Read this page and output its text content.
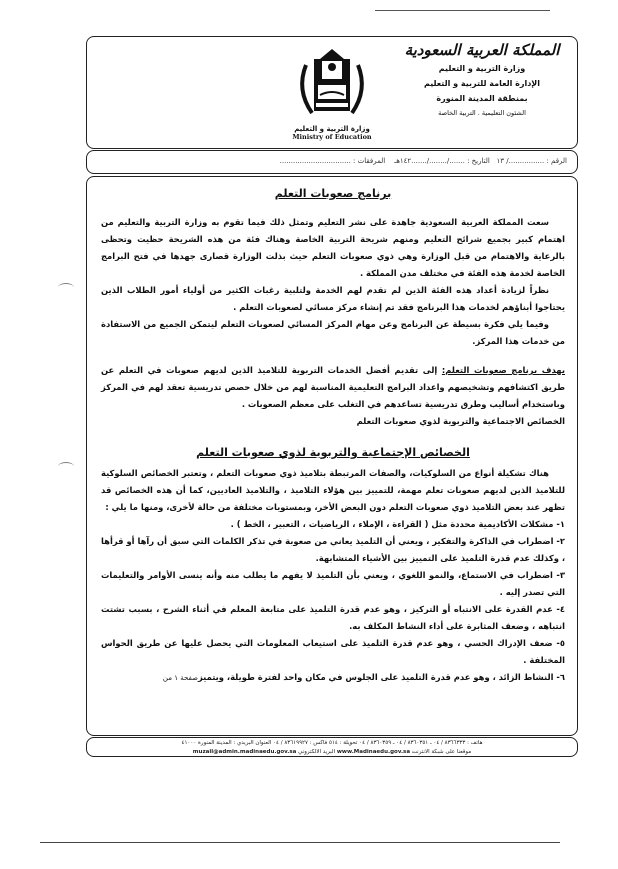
المملكة العربية السعودية
وزارة التربية و التعليم
الإدارة العامة للتربية و التعليم
بمنطقة المدينة المنورة
الشئون التعليمية . التربية الخاصة
وزارة التربية و التعليم
Ministry of Education
الرقم : ................/ ١٣   التاريخ : ......./......../.......١٤٢هـ    المرفقات : ................................
برنامج صعوبات التعلم

سعت المملكة العربية السعودية جاهدة على نشر التعليم وتمثل ذلك فيما تقوم به وزارة التربية والتعليم من اهتمام كبير بجميع شرائح التعليم ومنهم شريحة التربية الخاصة وهناك فئة من هذه الشريحة حظيت وتحظى بالرعاية والاهتمام من قبل الوزارة وهي ذوي صعوبات التعلم حيث بذلت الوزارة قصارى جهدها في فتح البرامج الخاصة لخدمة هذه الفئة في مختلف مدن المملكة .

نظراً لزيادة أعداد هذه الفئة الذين لم تقدم لهم الخدمة ولتلبية رغبات الكثير من أولياء أمور الطلاب الذين يحتاجوا أبناؤهم لخدمات هذا البرنامج فقد تم إنشاء مركز مسائي لصعوبات التعلم .

وفيما يلي فكرة بسيطة عن البرنامج وعن مهام المركز المسائي لصعوبات التعلم ليتمكن الجميع من الاستفادة من خدمات هذا المركز.

يهدف برنامج صعوبات التعلم: إلى تقديم أفضل الخدمات التربوية للتلاميذ الذين لديهم صعوبات في التعلم عن طريق اكتشافهم وتشخيصهم واعداد البرامج التعليمية المناسبة لهم من خلال حصص تدريسية تعقد لهم في المركز وباستخدام أساليب وطرق تدريسية تساعدهم في التغلب على معظم الصعوبات .

الخصائص الاجتماعية والتربوية لذوي صعوبات التعلم

الخصائص الإجتماعية والتربوية لذوي صعوبات التعلم

هناك تشكيلة أنواع من السلوكيات، والصفات المرتبطة بتلاميذ ذوي صعوبات التعلم ، وتعتبر الخصائص السلوكية للتلاميذ الذين لديهم صعوبات تعلم مهمة، للتمييز بين هؤلاء التلاميذ ، والتلاميذ العاديين، كما أن هذه الخصائص قد تظهر عند بعض التلاميذ ذوي صعوبات التعلم دون البعض الأخر، وبمستويات مختلفة من حالة لأخرى، ومنها ما يلي :

١- مشكلات الأكاديمية محددة مثل ( القراءة ، الإملاء ، الرياضيات ، التعبير ، الخط ) .

٢- اضطراب في الذاكرة والتفكير ، ويعني أن التلميذ يعاني من صعوبة في تذكر الكلمات التي سبق أن رآها أو قرأها ، وكذلك عدم قدرة التلميذ على التمييز بين الأشياء المتشابهة.

٣- اضطراب في الاستماع، والنمو اللغوي ، ويعني بأن التلميذ لا يفهم ما يطلب منه وأنه ينسى الأوامر والتعليمات التي تصدر إليه .

٤- عدم القدرة على الانتباه أو التركيز ، وهو عدم قدرة التلميذ على متابعة المعلم في أثناء الشرح ، بسبب تشتت انتباهه ، وضعف المثابرة على أداء النشاط المكلف به.

٥- ضعف الإدراك الحسي ، وهو عدم قدرة التلميذ على استيعاب المعلومات التي يحصل عليها عن طريق الحواس المختلفة .

٦- النشاط الزائد ، وهو عدم قدرة التلميذ على الجلوس في مكان واحد لفترة طويلة، ويتميزصفحة ١ من

هاتف : ٨٣٦٦٣٣٣ / ٠٤ ـ ٨٣٦٠٣٥١ / ٠٤ ـ ٨٣٦٠٣٥٩ / ٠٤ تحويلة : ٥١٤ فاكس : ٨٣٦١٩٩٢٧ / ٠٤ العنوان البريدي : المدينة المنورة ٤١٠٠٠
موقعنا على شبكة الانترنت www.Madinaedu.gov.sa البريد الالكتروني muzail@admin.madinaedu.gov.sa
